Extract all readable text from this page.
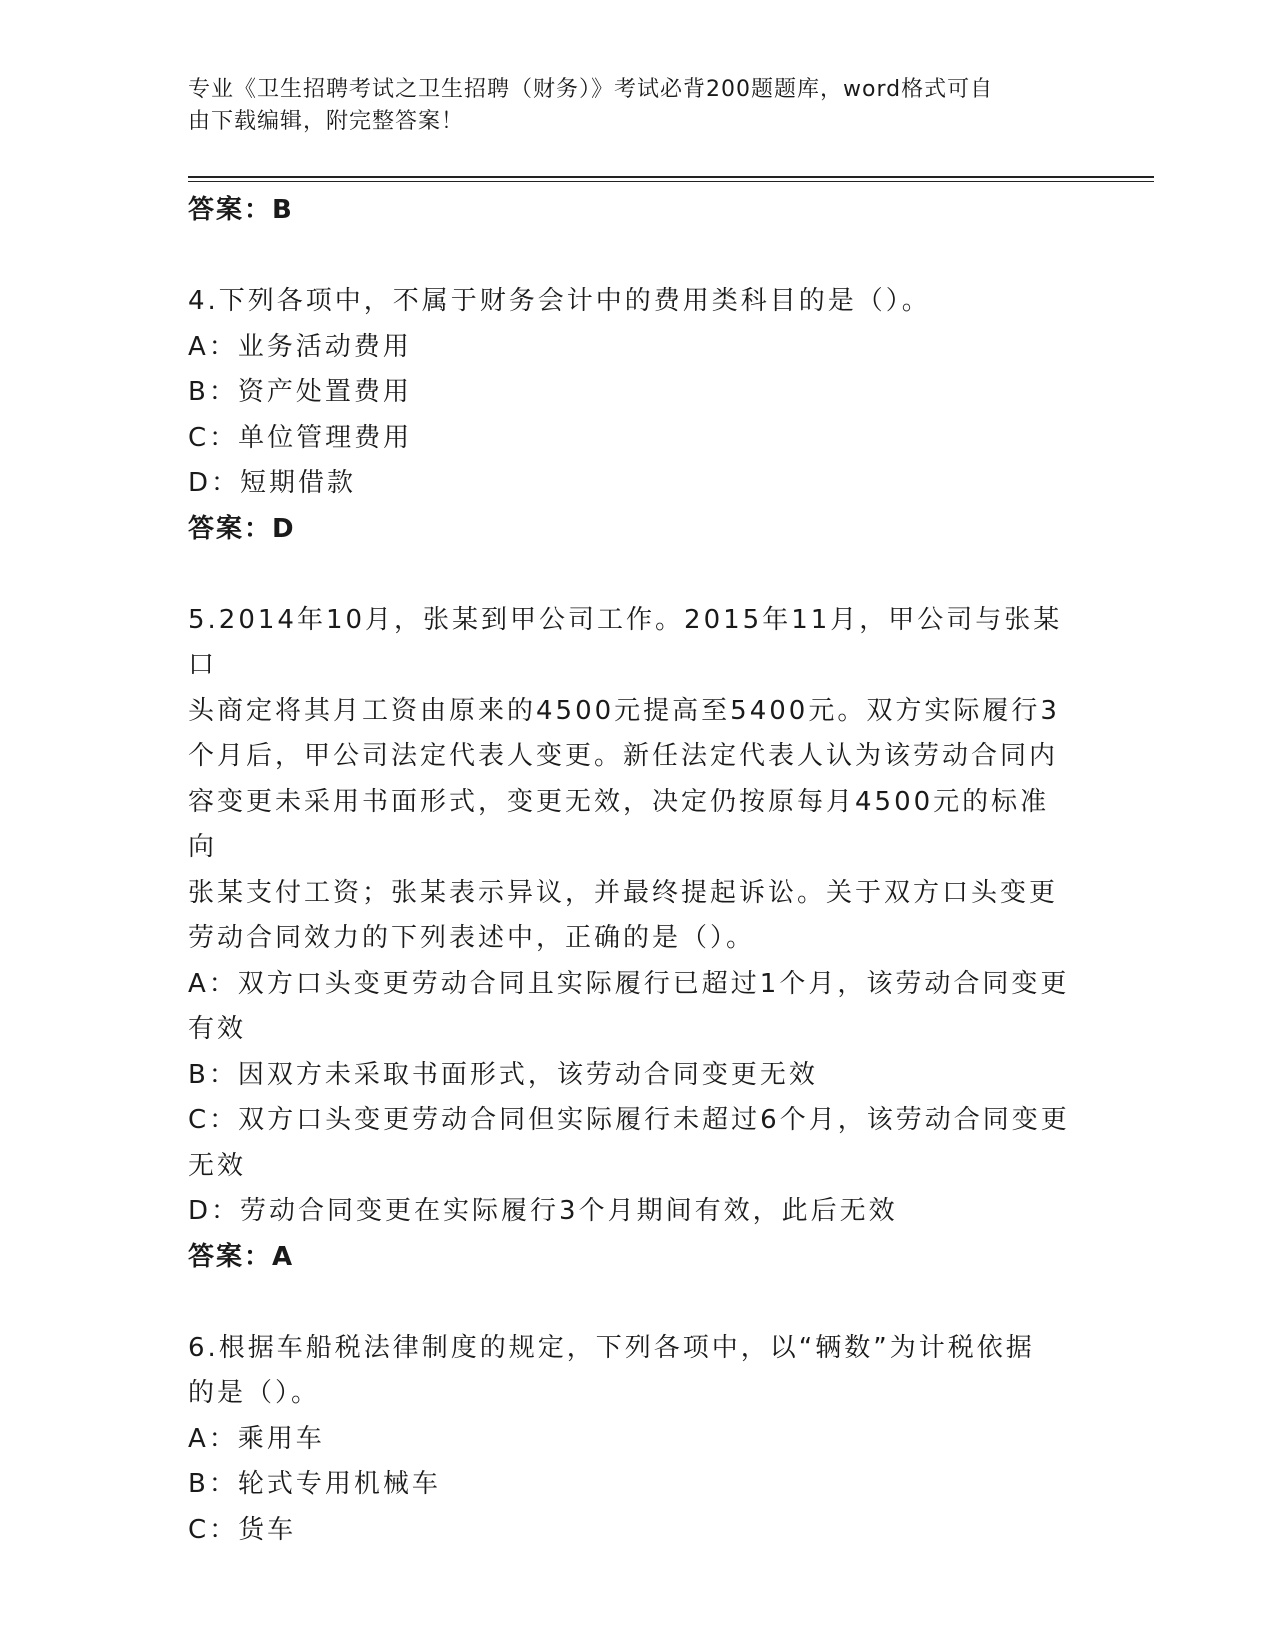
专业《卫生招聘考试之卫生招聘（财务）》考试必背200题题库，word格式可自

由下载编辑，附完整答案！

答案：B

4.下列各项中，不属于财务会计中的费用类科目的是（）。

A：业务活动费用

B：资产处置费用

C：单位管理费用

D：短期借款

答案：D

5.2014年10月，张某到甲公司工作。2015年11月，甲公司与张某口

头商定将其月工资由原来的4500元提高至5400元。双方实际履行3

个月后，甲公司法定代表人变更。新任法定代表人认为该劳动合同内

容变更未采用书面形式，变更无效，决定仍按原每月4500元的标准向

张某支付工资；张某表示异议，并最终提起诉讼。关于双方口头变更

劳动合同效力的下列表述中，正确的是（）。

A：双方口头变更劳动合同且实际履行已超过1个月，该劳动合同变更

有效

B：因双方未采取书面形式，该劳动合同变更无效

C：双方口头变更劳动合同但实际履行未超过6个月，该劳动合同变更

无效

D：劳动合同变更在实际履行3个月期间有效，此后无效

答案：A

6.根据车船税法律制度的规定，下列各项中，以“辆数”为计税依据

的是（）。

A：乘用车

B：轮式专用机械车

C：货车
